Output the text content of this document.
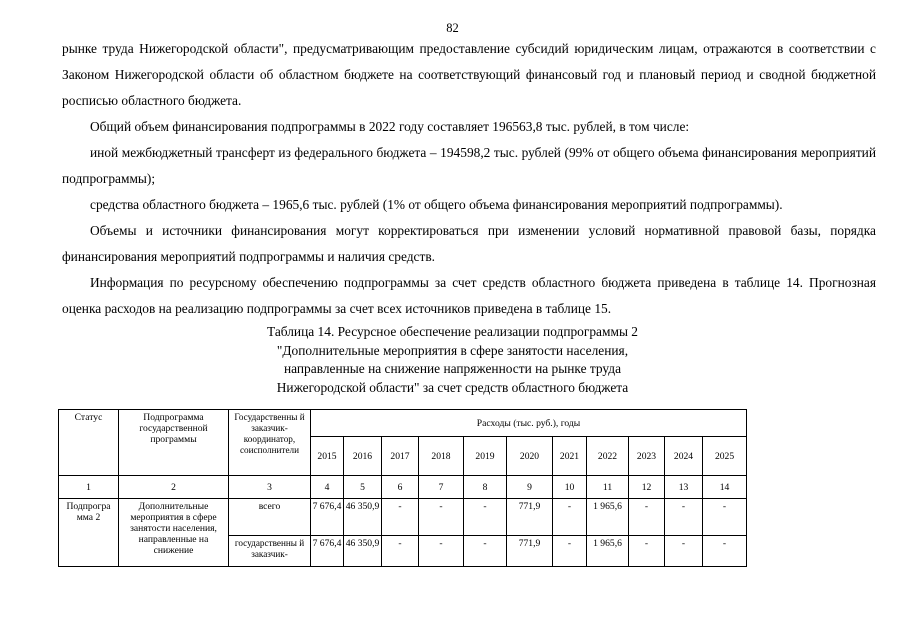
82

рынке труда Нижегородской области", предусматривающим предоставление субсидий юридическим лицам, отражаются в соответствии с Законом Нижегородской области об областном бюджете на соответствующий финансовый год и плановый период и сводной бюджетной росписью областного бюджета.

Общий объем финансирования подпрограммы в 2022 году составляет 196563,8 тыс. рублей, в том числе:

иной межбюджетный трансферт из федерального бюджета – 194598,2 тыс. рублей (99% от общего объема финансирования мероприятий подпрограммы);

средства областного бюджета – 1965,6 тыс. рублей (1% от общего объема финансирования мероприятий подпрограммы).

Объемы и источники финансирования могут корректироваться при изменении условий нормативной правовой базы, порядка финансирования мероприятий подпрограммы и наличия средств.

Информация по ресурсному обеспечению подпрограммы за счет средств областного бюджета приведена в таблице 14. Прогнозная оценка расходов на реализацию подпрограммы за счет всех источников приведена в таблице 15.

Таблица 14. Ресурсное обеспечение реализации подпрограммы 2
"Дополнительные мероприятия в сфере занятости населения,
направленные на снижение напряженности на рынке труда
Нижегородской области" за счет средств областного бюджета
Статус	Подпрограмма государственной программы	Государственны й заказчик-координатор, соисполнители	Расходы (тыс. руб.), годы										
			2015	2016	2017	2018	2019	2020	2021	2022	2023	2024	2025
1	2	3	4	5	6	7	8	9	10	11	12	13	14
Подпрогра мма 2	Дополнительные мероприятия в сфере занятости населения, направленные на снижение	всего	7 676,4	46 350,9	-	-	-	771,9	-	1 965,6	-	-	-
		государственны й заказчик-	7 676,4	46 350,9	-	-	-	771,9	-	1 965,6	-	-	-
